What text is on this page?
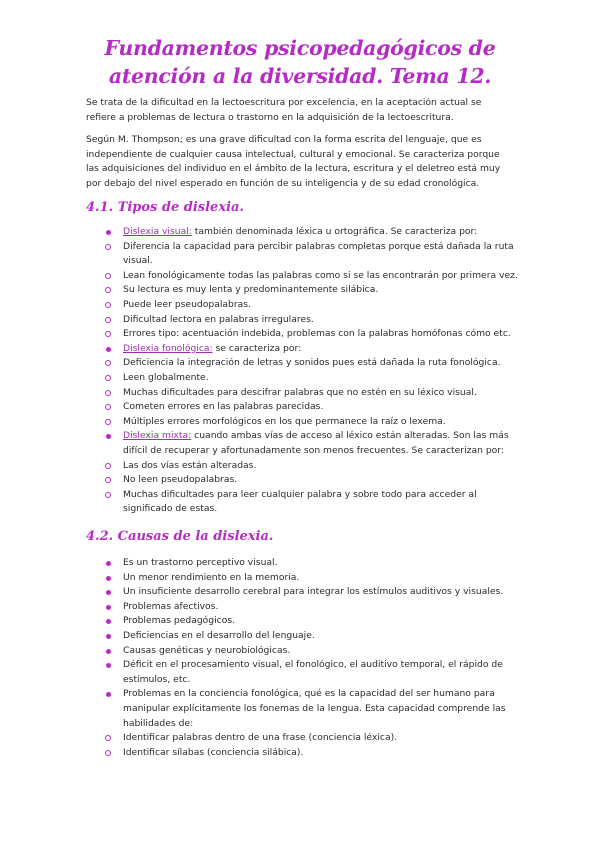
Fundamentos psicopedagógicos de
atención a la diversidad. Tema 12.

Se trata de la dificultad en la lectoescritura por excelencia, en la aceptación actual se refiere a problemas de lectura o trastorno en la adquisición de la lectoescritura.

Según M. Thompson; es una grave dificultad con la forma escrita del lenguaje, que es independiente de cualquier causa intelectual, cultural y emocional. Se caracteriza porque las adquisiciones del individuo en el ámbito de la lectura, escritura y el deletreo está muy por debajo del nivel esperado en función de su inteligencia y de su edad cronológica.

4.1. Tipos de dislexia.
Dislexia visual: también denominada léxica u ortográfica. Se caracteriza por:
Diferencia la capacidad para percibir palabras completas porque está dañada la ruta visual.
Lean fonológicamente todas las palabras como si se las encontrarán por primera vez.
Su lectura es muy lenta y predominantemente silábica.
Puede leer pseudopalabras.
Dificultad lectora en palabras irregulares.
Errores tipo: acentuación indebida, problemas con la palabras homófonas cómo etc.
Dislexia fonológica: se caracteriza por:
Deficiencia la integración de letras y sonidos pues está dañada la ruta fonológica.
Leen globalmente.
Muchas dificultades para descifrar palabras que no estén en su léxico visual.
Cometen errores en las palabras parecidas.
Múltiples errores morfológicos en los que permanece la raíz o lexema.
Dislexia mixta: cuando ambas vías de acceso al léxico están alteradas. Son las más difícil de recuperar y afortunadamente son menos frecuentes. Se caracterizan por:
Las dos vías están alteradas.
No leen pseudopalabras.
Muchas dificultades para leer cualquier palabra y sobre todo para acceder al significado de estas.
4.2. Causas de la dislexia.
Es un trastorno perceptivo visual.
Un menor rendimiento en la memoria.
Un insuficiente desarrollo cerebral para integrar los estímulos auditivos y visuales.
Problemas afectivos.
Problemas pedagógicos.
Deficiencias en el desarrollo del lenguaje.
Causas genéticas y neurobiológicas.
Déficit en el procesamiento visual, el fonológico, el auditivo temporal, el rápido de estímulos, etc.
Problemas en la conciencia fonológica, qué es la capacidad del ser humano para manipular explícitamente los fonemas de la lengua. Esta capacidad comprende las habilidades de:
Identificar palabras dentro de una frase (conciencia léxica).
Identificar sílabas (conciencia silábica).
